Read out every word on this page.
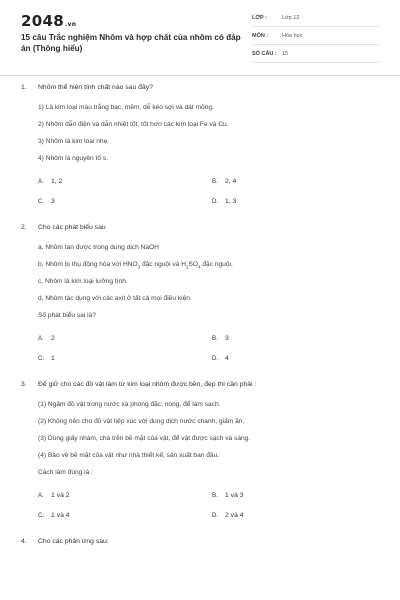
2048.vn
15 câu Trắc nghiệm Nhôm và hợp chất của nhôm có đáp án (Thông hiểu)
LỚP :	Lớp 12
MÔN :	Hóa học
SỐ CÂU : 15
1. Nhôm thể hiện tính chất nào sau đây?
1) Là kim loại màu trắng bạc, mềm, dễ kéo sợi và dát mỏng.
2) Nhôm dẫn điện và dẫn nhiệt tốt, tốt hơn các kim loại Fe và Cu.
3) Nhôm là kim loại nhẹ.
4) Nhôm là nguyên tố s.
A. 1, 2	B. 2, 4
C. 3	D. 1, 3
2. Cho các phát biểu sau
a, Nhôm tan được trong dung dịch NaOH
b, Nhôm bị thụ động hóa với $HNO_3$ đặc nguội và $H_2SO_4$ đặc nguội.
c, Nhôm là kim loại lưỡng tính.
d, Nhôm tác dụng với các axit ở tất cả mọi điều kiện.
Số phát biểu sai là?
A. 2	B. 3
C. 1	D. 4
3. Để giữ cho các đồ vật làm từ kim loại nhôm được bền, đẹp thì cần phải :
(1) Ngâm đồ vật trong nước xà phòng đặc, nóng, để làm sạch.
(2) Không nên cho đồ vật tiếp xúc với dung dịch nước chanh, giấm ăn.
(3) Dùng giấy nhám, chà trên bề mặt của vật, để vật được sạch và sáng.
(4) Bảo vệ bề mặt của vật như nhà thiết kế, sản xuất ban đầu.
Cách làm đúng là :
A. 1 và 2	B. 1 và 3
C. 1 và 4	D. 2 và 4
4. Cho các phản ứng sau:
